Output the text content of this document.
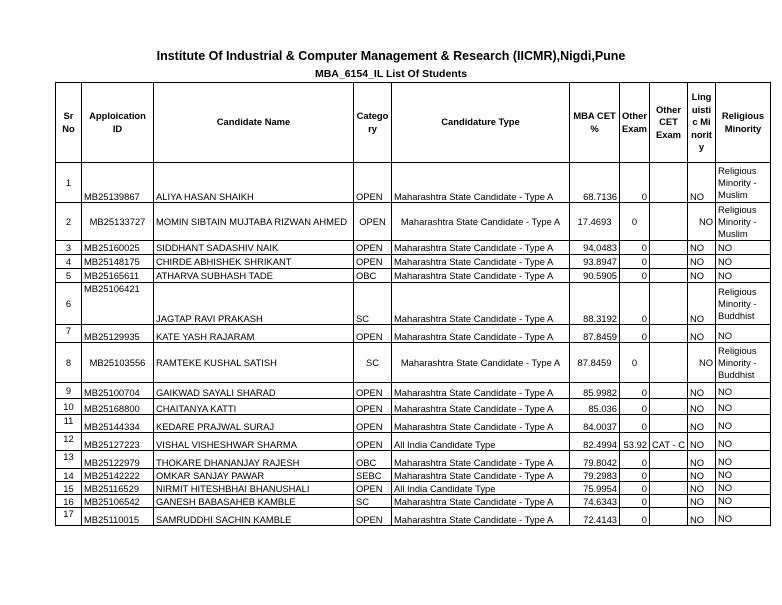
Institute Of Industrial & Computer Management & Research (IICMR),Nigdi,Pune
MBA_6154_IL List Of Students
Sr No	Apploication ID	Candidate Name	Category	Candidature Type	MBA CET %	Other Exam	Other CET Exam	Linguistic Minority	Religious Minority
1	MB25139867	ALIYA HASAN SHAIKH	OPEN	Maharashtra State Candidate - Type A	68.7136	0		NO	Religious Minority - Muslim
2	MB25133727	MOMIN SIBTAIN MUJTABA RIZWAN AHMED	OPEN	Maharashtra State Candidate - Type A	17.4693	0		NO	Religious Minority - Muslim
3	MB25160025	SIDDHANT SADASHIV NAIK	OPEN	Maharashtra State Candidate - Type A	94.0483	0		NO	NO
4	MB25148175	CHIRDE ABHISHEK SHRIKANT	OPEN	Maharashtra State Candidate - Type A	93.8947	0		NO	NO
5	MB25165611	ATHARVA SUBHASH TADE	OBC	Maharashtra State Candidate - Type A	90.5905	0		NO	NO
6	MB25106421	JAGTAP RAVI PRAKASH	SC	Maharashtra State Candidate - Type A	88.3192	0		NO	Religious Minority - Buddhist
7	MB25129935	KATE YASH RAJARAM	OPEN	Maharashtra State Candidate - Type A	87.8459	0		NO	NO
8	MB25103556	RAMTEKE KUSHAL SATISH	SC	Maharashtra State Candidate - Type A	87.8459	0		NO	Religious Minority - Buddhist
9	MB25100704	GAIKWAD SAYALI SHARAD	OPEN	Maharashtra State Candidate - Type A	85.9982	0		NO	NO
10	MB25168800	CHAITANYA KATTI	OPEN	Maharashtra State Candidate - Type A	85.036	0		NO	NO
11	MB25144334	KEDARE PRAJWAL SURAJ	OPEN	Maharashtra State Candidate - Type A	84.0037	0		NO	NO
12	MB25127223	VISHAL VISHESHWAR SHARMA	OPEN	All India Candidate Type	82.4994	53.92	CAT - C	NO	NO
13	MB25122979	THOKARE DHANANJAY RAJESH	OBC	Maharashtra State Candidate - Type A	79.8042	0		NO	NO
14	MB25142222	OMKAR SANJAY PAWAR	SEBC	Maharashtra State Candidate - Type A	79.2983	0		NO	NO
15	MB25116529	NIRMIT HITESHBHAI BHANUSHALI	OPEN	All India Candidate Type	75.9954	0		NO	NO
16	MB25106542	GANESH BABASAHEB KAMBLE	SC	Maharashtra State Candidate - Type A	74.6343	0		NO	NO
17	MB25110015	SAMRUDDHI SACHIN KAMBLE	OPEN	Maharashtra State Candidate - Type A	72.4143	0		NO	NO
